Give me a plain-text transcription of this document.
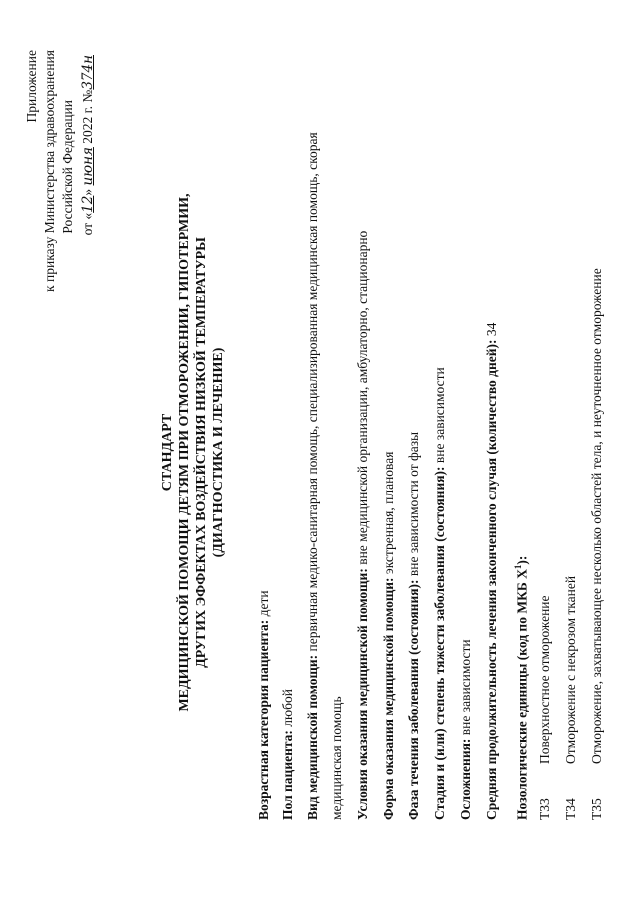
Приложение к приказу Министерства здравоохранения Российской Федерации от «12» июня 2022 г. №374н
СТАНДАРТ МЕДИЦИНСКОЙ ПОМОЩИ ДЕТЯМ ПРИ ОТМОРОЖЕНИИ, ГИПОТЕРМИИ, ДРУГИХ ЭФФЕКТАХ ВОЗДЕЙСТВИЯ НИЗКОЙ ТЕМПЕРАТУРЫ (ДИАГНОСТИКА И ЛЕЧЕНИЕ)
Возрастная категория пациента: дети
Пол пациента: любой Вид медицинской помощи: первичная медико-санитарная помощь, специализированная медицинская помощь, скорая
медицинская помощь Условия оказания медицинской помощи: вне медицинской организации, амбулаторно, стационарно
Форма оказания медицинской помощи: экстренная, плановая
Фаза течения заболевания (состояния): вне зависимости от фазы Стадия и (или) степень тяжести заболевания (состояния): вне зависимости
Осложнения: вне зависимости Средняя продолжительность лечения законченного случая (количество дней): 34
Нозологические единицы (код по МКБ $X^1$):
T33
Поверхностное отморожение
T34
Отморожение с некрозом тканей
T35
Отморожение, захватывающее несколько областей тела, и неуточненное отморожение
